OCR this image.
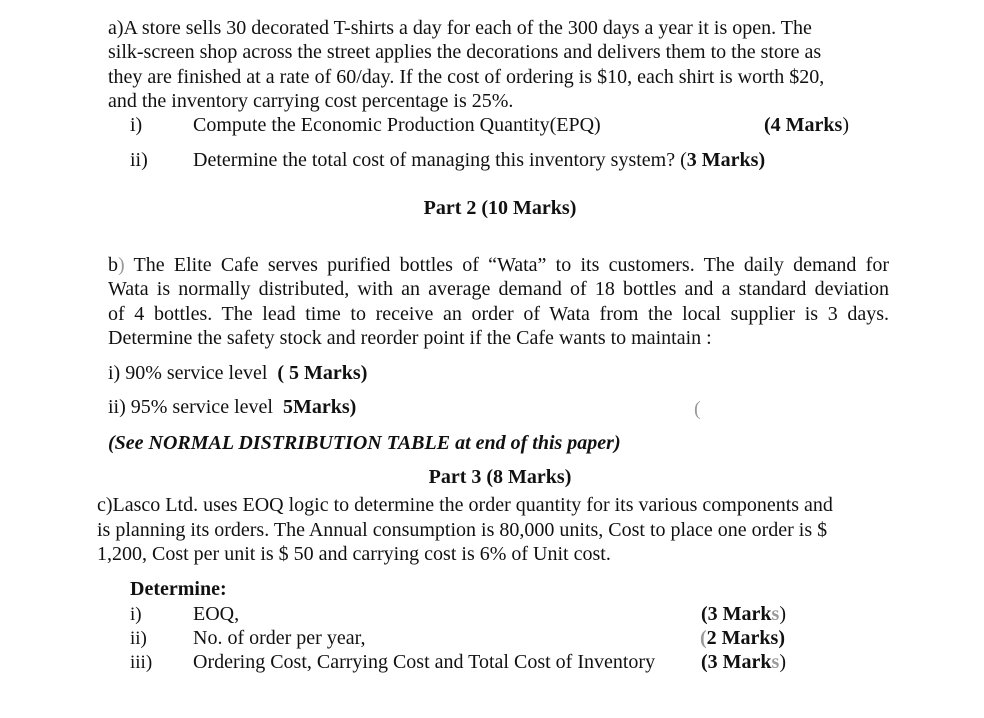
a)A store sells 30 decorated T-shirts a day for each of the 300 days a year it is open. The
silk-screen shop across the street applies the decorations and delivers them to the store as
they are finished at a rate of 60/day. If the cost of ordering is $10, each shirt is worth $20,
and the inventory carrying cost percentage is 25%.
i)	Compute the Economic Production Quantity(EPQ)	(4 Marks)
ii) Determine the total cost of managing this inventory system? (3 Marks)
Part 2 (10 Marks)
b) The Elite Cafe serves purified bottles of “Wata” to its customers. The daily demand for
Wata is normally distributed, with an average demand of 18 bottles and a standard deviation
of 4 bottles. The lead time to receive an order of Wata from the local supplier is 3 days.
Determine the safety stock and reorder point if the Cafe wants to maintain :
i) 90% service level  ( 5 Marks)
ii) 95% service level  5Marks)	(
(See NORMAL DISTRIBUTION TABLE at end of this paper)
Part 3 (8 Marks)
c)Lasco Ltd. uses EOQ logic to determine the order quantity for its various components and
is planning its orders. The Annual consumption is 80,000 units, Cost to place one order is $
1,200, Cost per unit is $ 50 and carrying cost is 6% of Unit cost.
Determine:
i)	EOQ,	(3 Marks)
ii) No. of order per year,	(2 Marks)
iii) Ordering Cost, Carrying Cost and Total Cost of Inventory (3 Marks)
